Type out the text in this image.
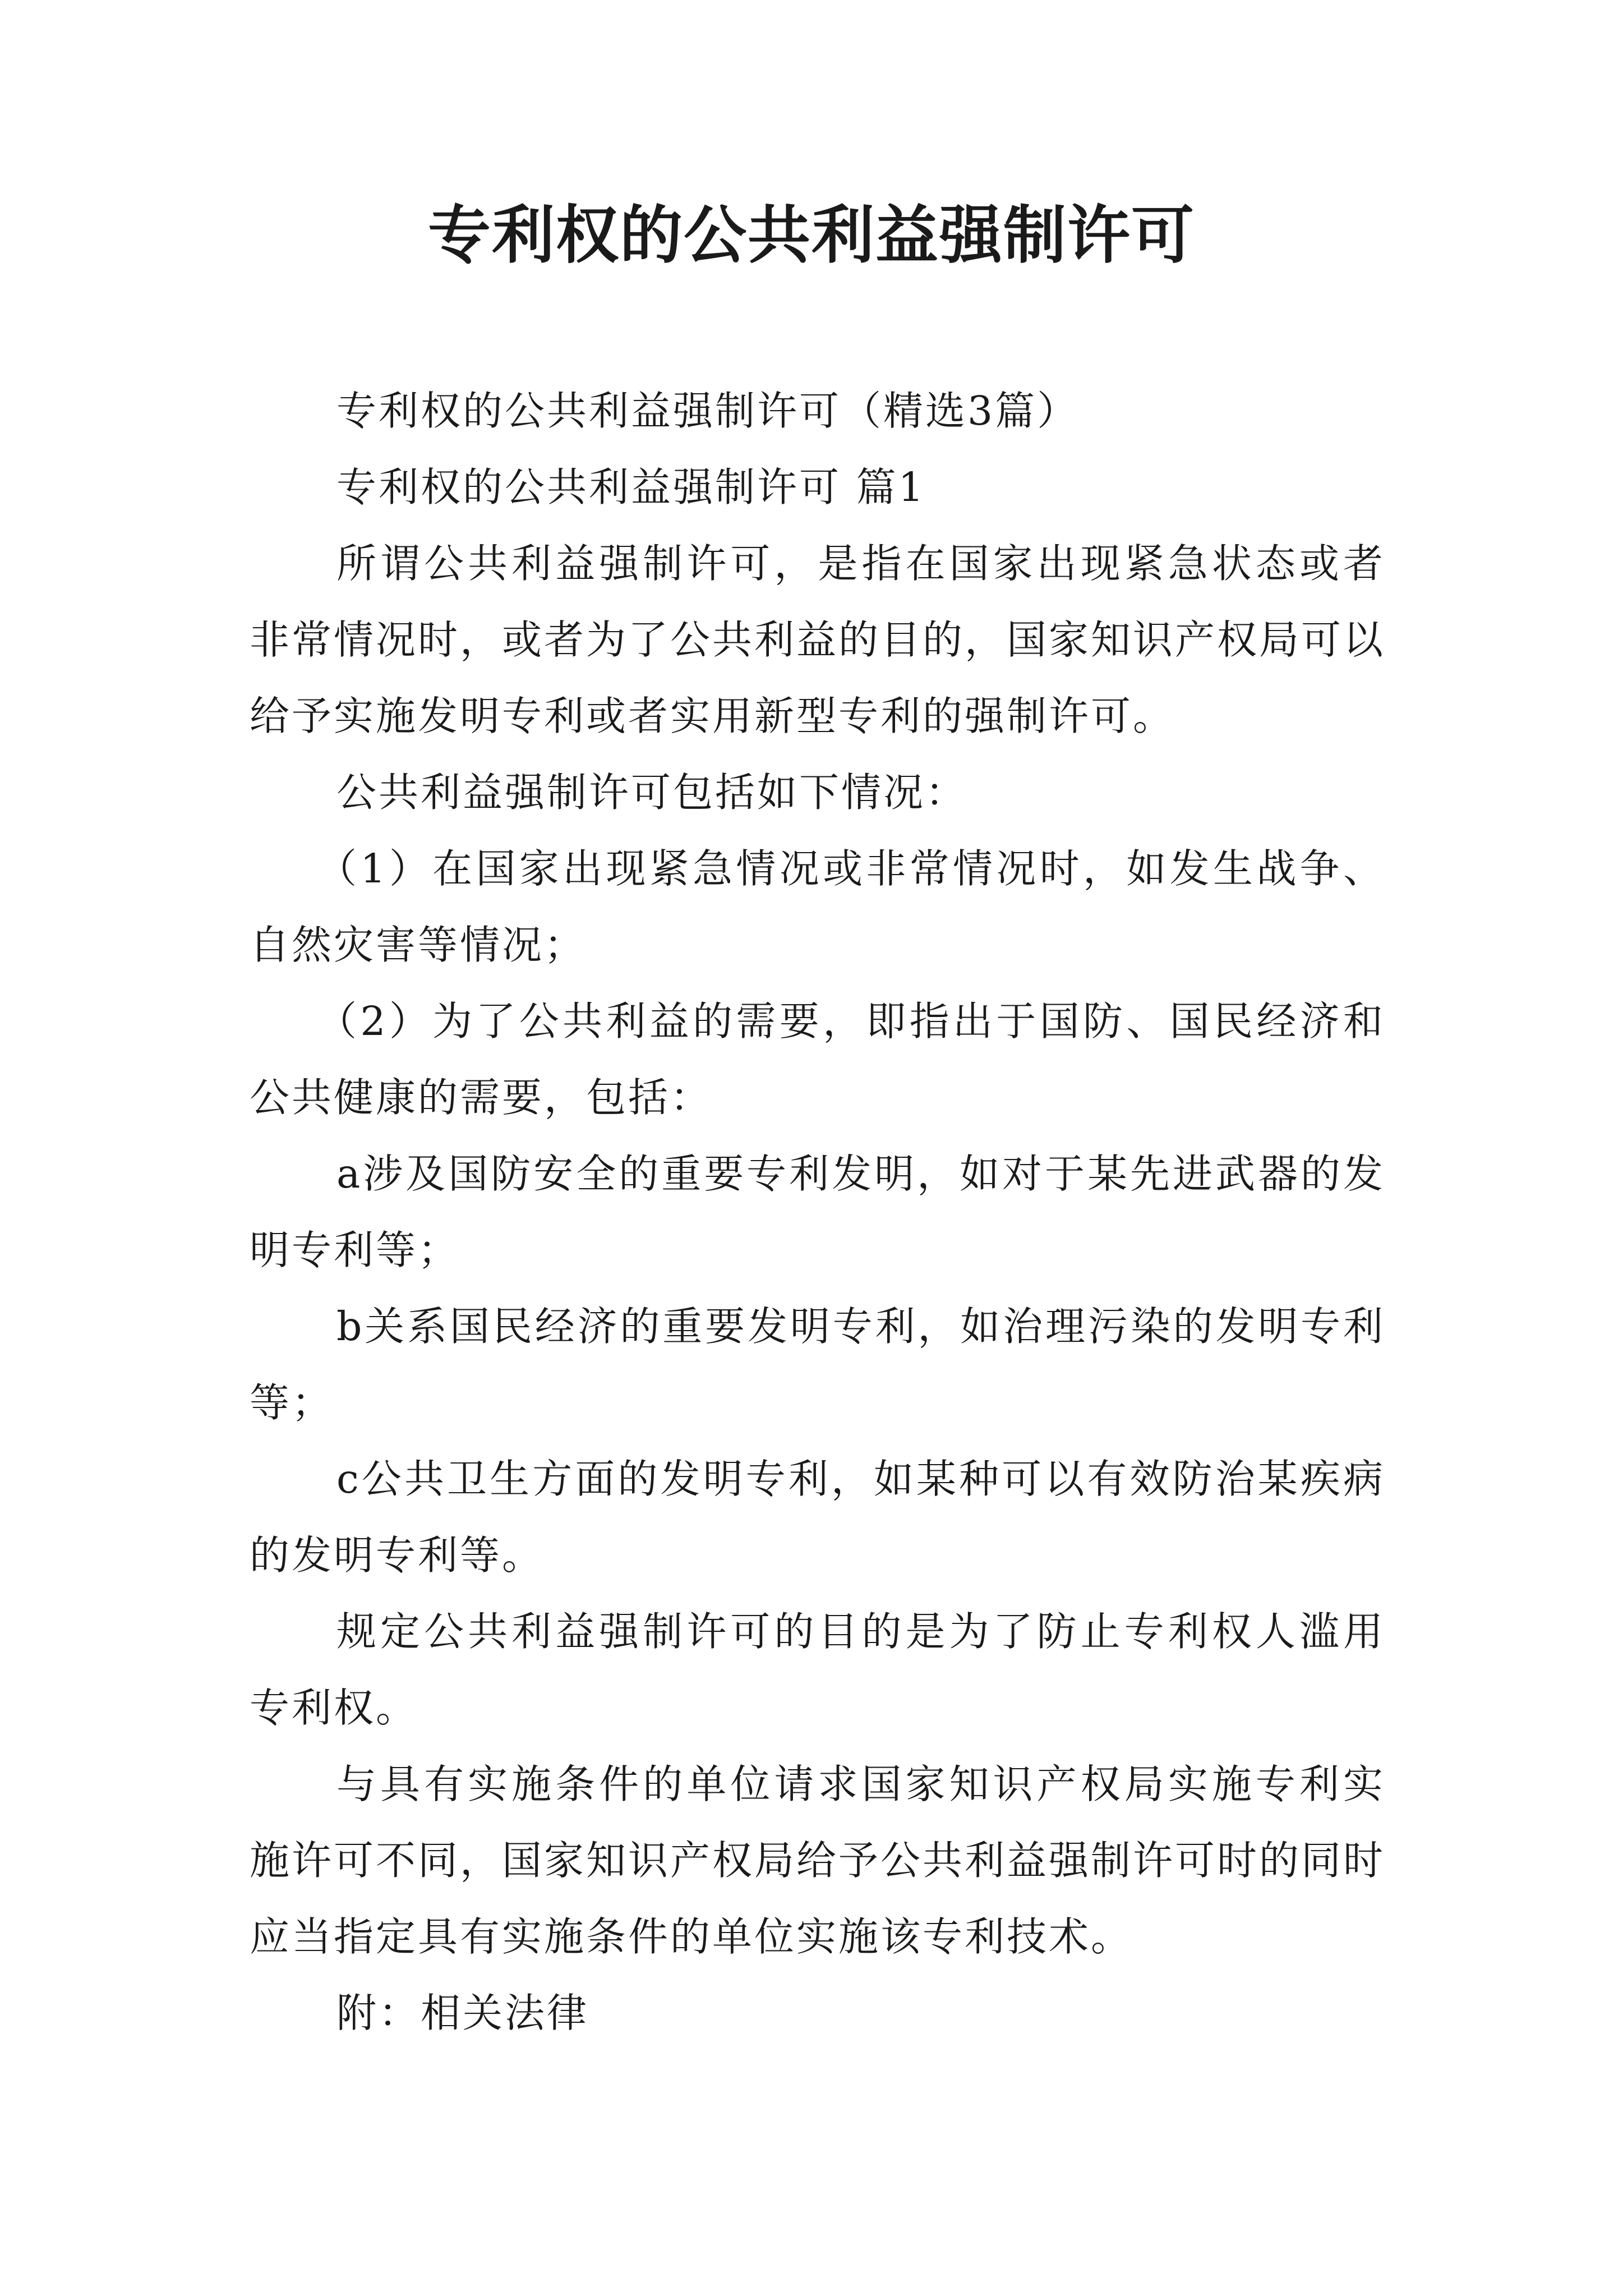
专利权的公共利益强制许可

专利权的公共利益强制许可（精选3篇）

专利权的公共利益强制许可 篇1

所谓公共利益强制许可，是指在国家出现紧急状态或者非常情况时，或者为了公共利益的目的，国家知识产权局可以给予实施发明专利或者实用新型专利的强制许可。

公共利益强制许可包括如下情况：

（1）在国家出现紧急情况或非常情况时，如发生战争、自然灾害等情况；

（2）为了公共利益的需要，即指出于国防、国民经济和公共健康的需要，包括：

a涉及国防安全的重要专利发明，如对于某先进武器的发明专利等；

b关系国民经济的重要发明专利，如治理污染的发明专利等；

c公共卫生方面的发明专利，如某种可以有效防治某疾病的发明专利等。

规定公共利益强制许可的目的是为了防止专利权人滥用专利权。

与具有实施条件的单位请求国家知识产权局实施专利实施许可不同，国家知识产权局给予公共利益强制许可时的同时应当指定具有实施条件的单位实施该专利技术。

附：相关法律
